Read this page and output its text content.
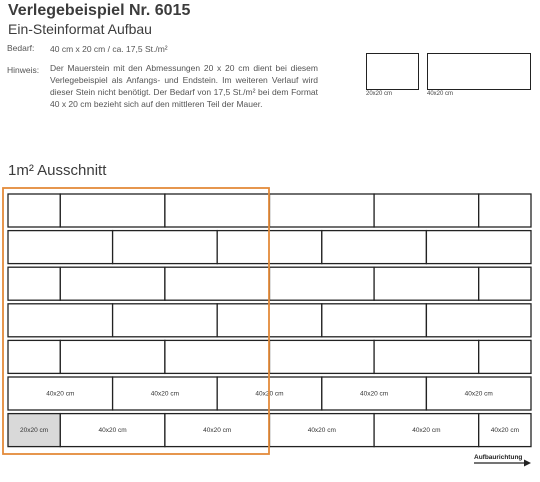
Verlegebeispiel Nr. 6015
Ein-Steinformat Aufbau
Bedarf: 40 cm x 20 cm / ca. 17,5 St./m²
Hinweis: Der Mauerstein mit den Abmessungen 20 x 20 cm dient bei diesem Verlegebeispiel als Anfangs- und Endstein. Im weiteren Verlauf wird dieser Stein nicht benötigt. Der Bedarf von 17,5 St./m² bei dem Format 40 x 20 cm bezieht sich auf den mittleren Teil der Mauer.
20x20 cm	40x20 cm
1m² Ausschnitt
40x20 cm	40x20 cm	40x20 cm	40x20 cm	40x20 cm
20x20 cm	40x20 cm	40x20 cm	40x20 cm	40x20 cm	40x20 cm
Aufbaurichtung
